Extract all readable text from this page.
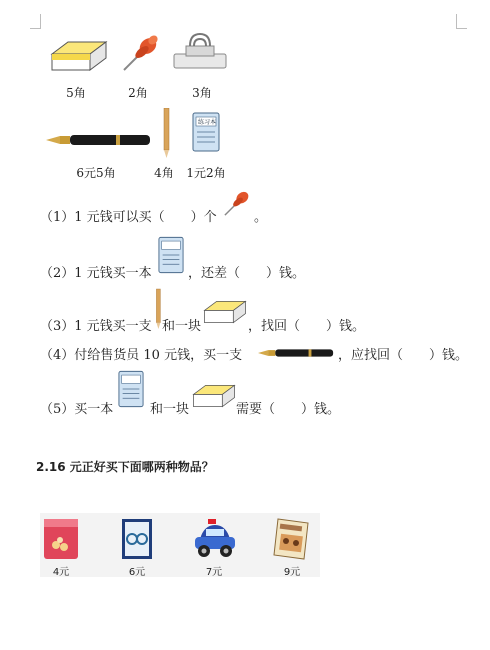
5角	2角	3角
6元5角	4角
练习本
1元2角
（1）1 元钱可以买（　　）个	。
（2）1 元钱买一本	，还差（　　）钱。
（3）1 元钱买一支 和一块	，找回（　　）钱。
（4）付给售货员 10 元钱，买一支	，应找回（　　）钱。
（5）买一本	和一块	需要（　　）钱。
2.16 元正好买下面哪两种物品？
4元	6元	7元	9元
